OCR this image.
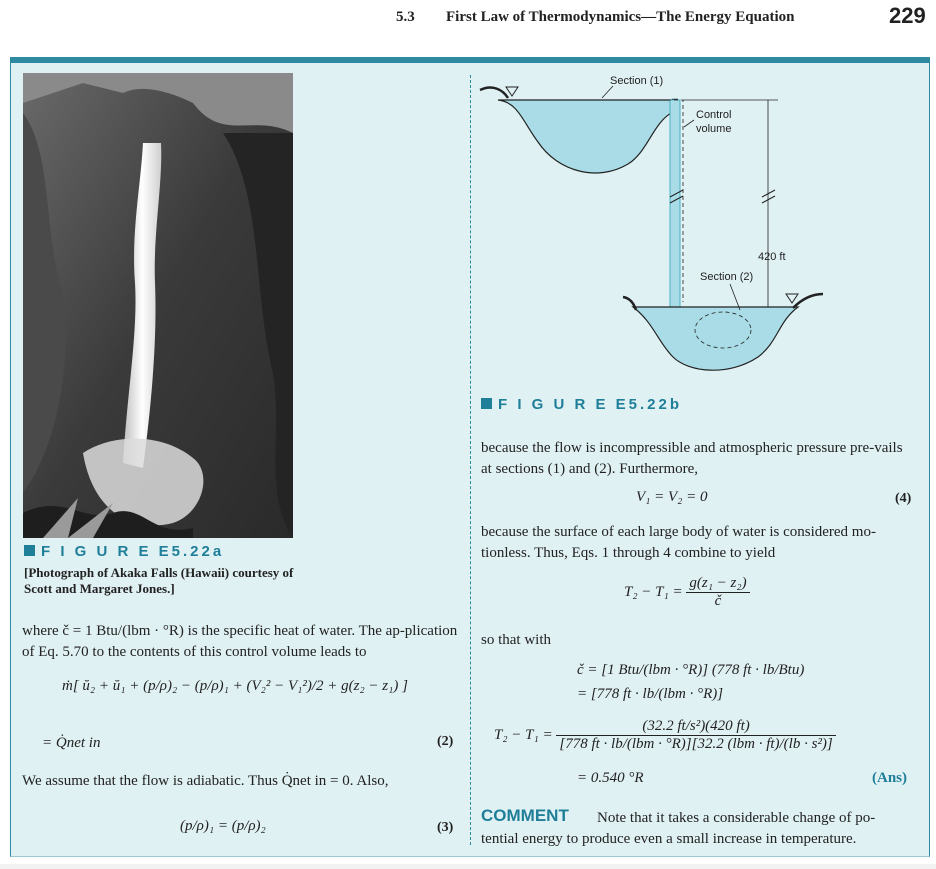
5.3 First Law of Thermodynamics—The Energy Equation	229
F I G U R E E5.22a
[Photograph of Akaka Falls (Hawaii) courtesy of Scott and Margaret Jones.]
where č = 1 Btu/(lbm · °R) is the specific heat of water. The ap-plication of Eq. 5.70 to the contents of this control volume leads to
ṁ[ ŭ₂ + ŭ₁ + (p/ρ)₂ − (p/ρ)₁ + (V₂² − V₁²)/2 + g(z₂ − z₁) ]
= Q̇net in	(2)
We assume that the flow is adiabatic. Thus Q̇net in = 0. Also,
(p/ρ)₁ = (p/ρ)₂	(3)
Section (1)
Control
volume
420 ft
Section (2)
F I G U R E E5.22b
because the flow is incompressible and atmospheric pressure pre-vails at sections (1) and (2). Furthermore,
V₁ = V₂ = 0	(4)
because the surface of each large body of water is considered mo-tionless. Thus, Eqs. 1 through 4 combine to yield
$T_2 - T_1 = \frac{\text{g(z₁ − z₂)}}{č}$
so that with
č = [1 Btu/(lbm · °R)] (778 ft · lb/Btu)
= [778 ft · lb/(lbm · °R)]
$T_2 - T_1 = \frac{\text{(32.2 ft/s²)(420 ft)}}{\text{[778 ft · lb/(lbm · °R)][32.2 (lbm · ft)/(lb · s²)]}}$
= 0.540 °R	(Ans)
COMMENT Note that it takes a considerable change of po-
tential energy to produce even a small increase in temperature.
